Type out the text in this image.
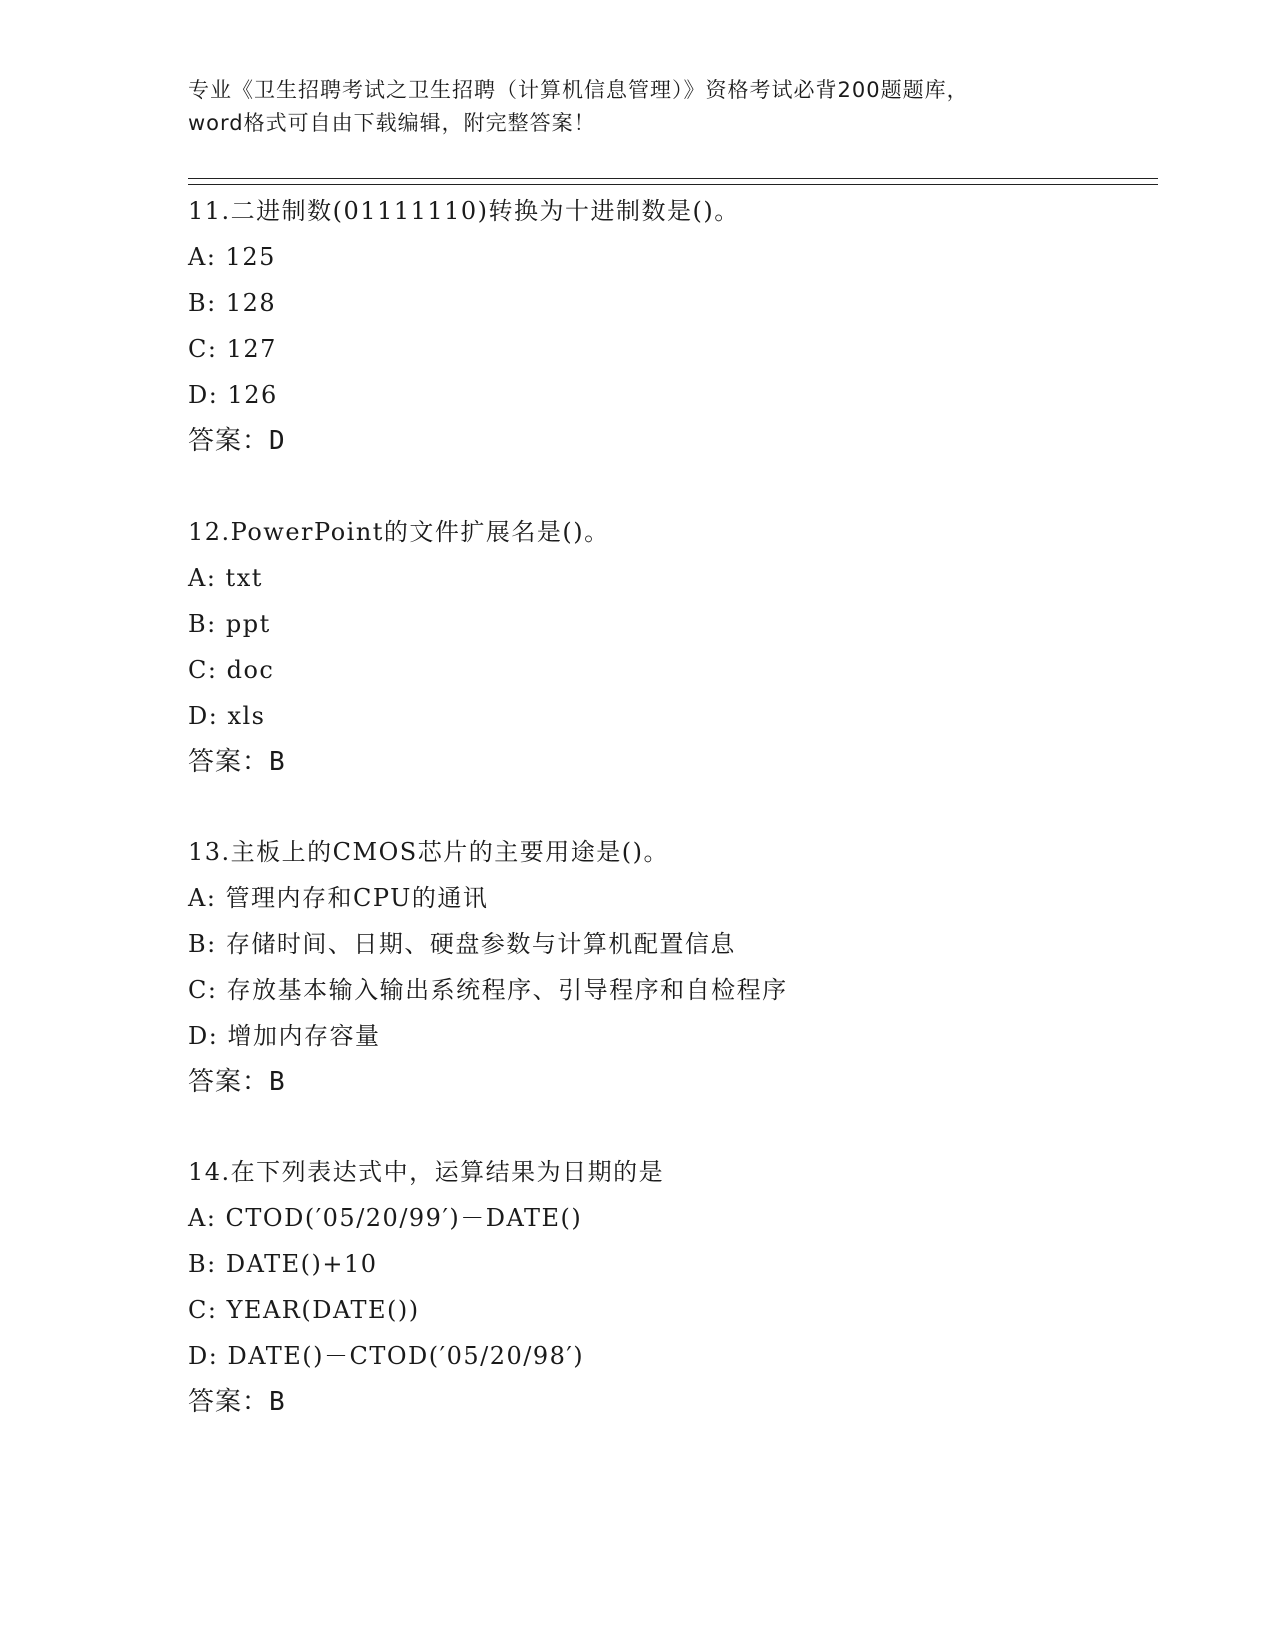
专业《卫生招聘考试之卫生招聘（计算机信息管理）》资格考试必背200题题库，
word格式可自由下载编辑，附完整答案！
11.二进制数(01111110)转换为十进制数是()。
A: 125
B: 128
C: 127
D: 126
答案：D
12.PowerPoint的文件扩展名是()。
A: txt
B: ppt
C: doc
D: xls
答案：B
13.主板上的CMOS芯片的主要用途是()。
A: 管理内存和CPU的通讯
B: 存储时间、日期、硬盘参数与计算机配置信息
C: 存放基本输入输出系统程序、引导程序和自检程序
D: 增加内存容量
答案：B
14.在下列表达式中，运算结果为日期的是
A: CTOD(′05/20/99′)－DATE()
B: DATE()+10
C: YEAR(DATE())
D: DATE()－CTOD(′05/20/98′)
答案：B
